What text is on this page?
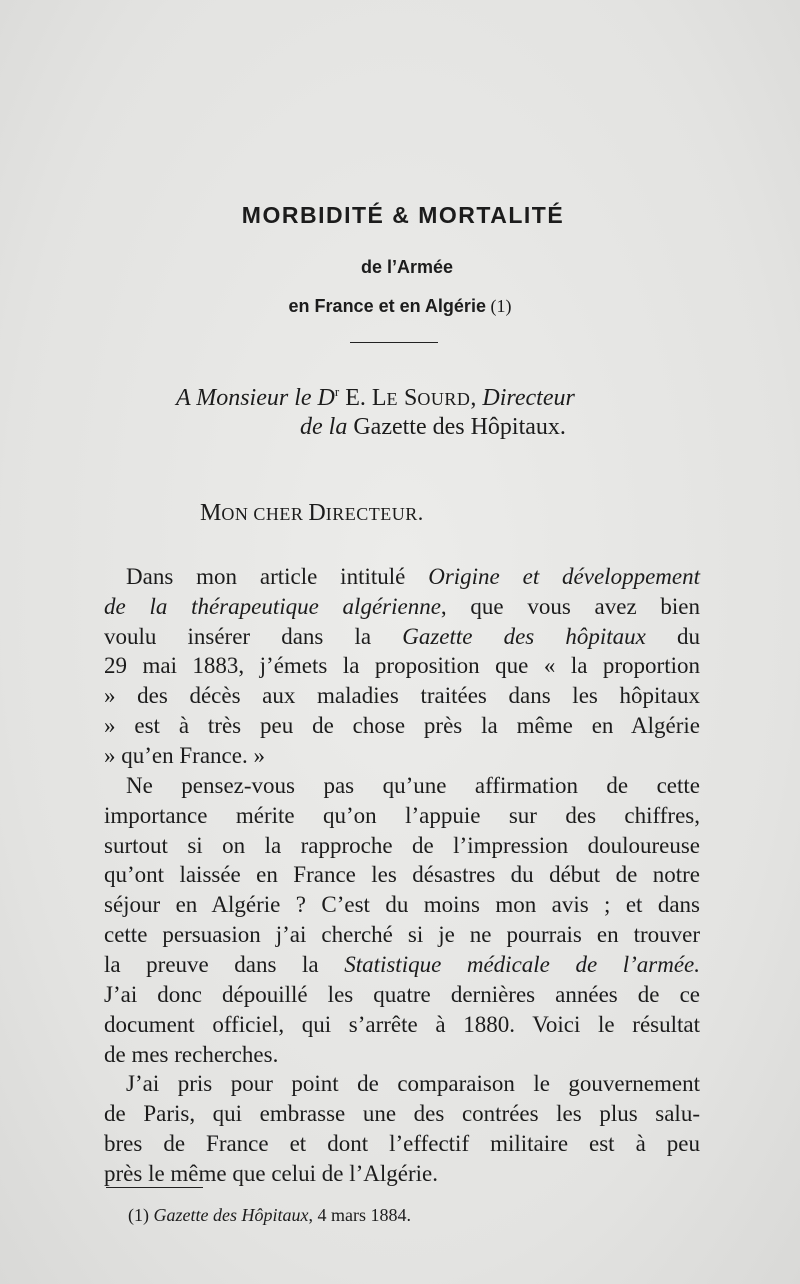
MORBIDITÉ & MORTALITÉ
de l’Armée
en France et en Algérie (1)
A Monsieur le $D^r$ E. LE SOURD, Directeur
de la Gazette des Hôpitaux.
MON CHER DIRECTEUR.
Dans mon article intitulé Origine et développement
de la thérapeutique algérienne, que vous avez bien
voulu insérer dans la Gazette des hôpitaux du
29 mai 1883, j’émets la proposition que « la proportion
» des décès aux maladies traitées dans les hôpitaux
» est à très peu de chose près la même en Algérie
» qu’en France. »
Ne pensez-vous pas qu’une affirmation de cette
importance mérite qu’on l’appuie sur des chiffres,
surtout si on la rapproche de l’impression douloureuse
qu’ont laissée en France les désastres du début de notre
séjour en Algérie ? C’est du moins mon avis ; et dans
cette persuasion j’ai cherché si je ne pourrais en trouver
la preuve dans la Statistique médicale de l’armée.
J’ai donc dépouillé les quatre dernières années de ce
document officiel, qui s’arrête à 1880. Voici le résultat
de mes recherches.
J’ai pris pour point de comparaison le gouvernement
de Paris, qui embrasse une des contrées les plus salu-
bres de France et dont l’effectif militaire est à peu
près le même que celui de l’Algérie.
(1) Gazette des Hôpitaux, 4 mars 1884.
